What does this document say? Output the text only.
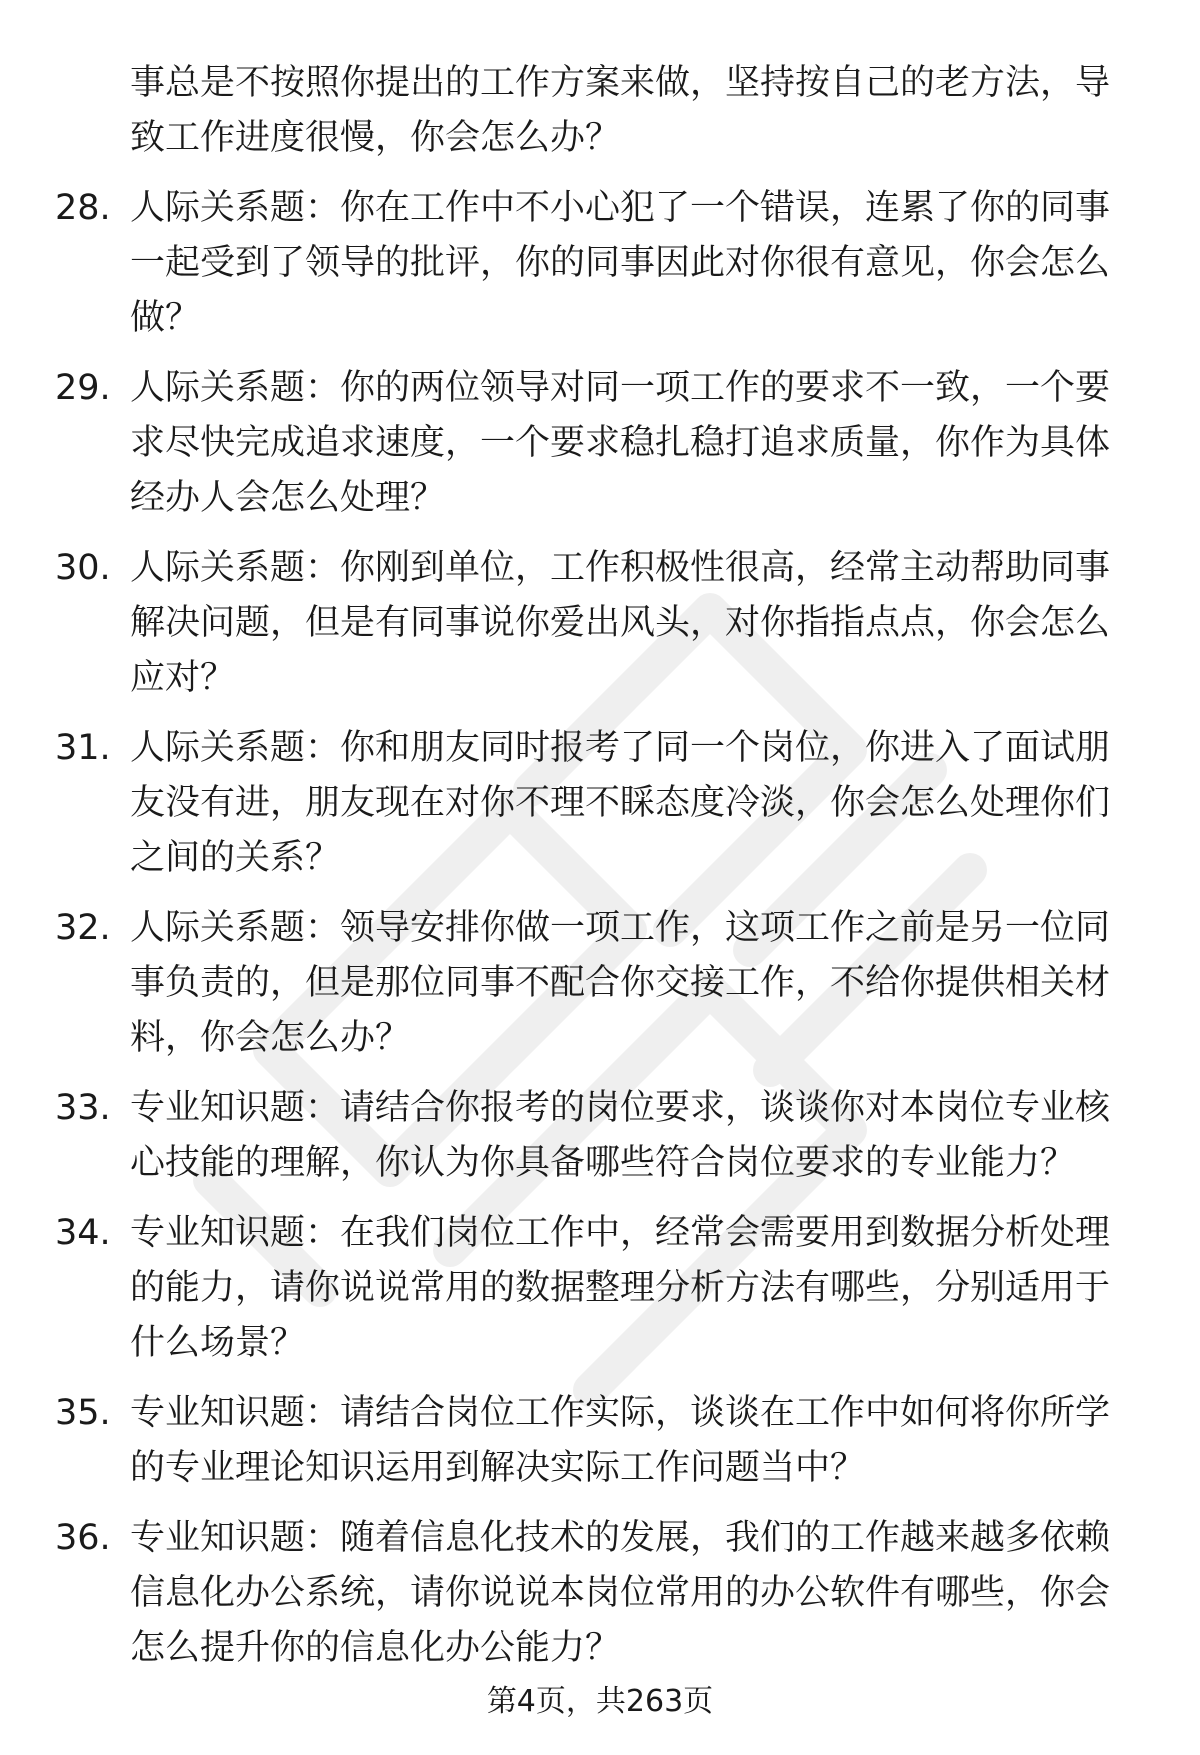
事总是不按照你提出的工作方案来做，坚持按自己的老方法，导致工作进度很慢，你会怎么办？
28. 人际关系题：你在工作中不小心犯了一个错误，连累了你的同事一起受到了领导的批评，你的同事因此对你很有意见，你会怎么做？
29. 人际关系题：你的两位领导对同一项工作的要求不一致，一个要求尽快完成追求速度，一个要求稳扎稳打追求质量，你作为具体经办人会怎么处理？
30. 人际关系题：你刚到单位，工作积极性很高，经常主动帮助同事解决问题，但是有同事说你爱出风头，对你指指点点，你会怎么应对？
31. 人际关系题：你和朋友同时报考了同一个岗位，你进入了面试朋友没有进，朋友现在对你不理不睬态度冷淡，你会怎么处理你们之间的关系？
32. 人际关系题：领导安排你做一项工作，这项工作之前是另一位同事负责的，但是那位同事不配合你交接工作，不给你提供相关材料，你会怎么办？
33. 专业知识题：请结合你报考的岗位要求，谈谈你对本岗位专业核心技能的理解，你认为你具备哪些符合岗位要求的专业能力？
34. 专业知识题：在我们岗位工作中，经常会需要用到数据分析处理的能力，请你说说常用的数据整理分析方法有哪些，分别适用于什么场景？
35. 专业知识题：请结合岗位工作实际，谈谈在工作中如何将你所学的专业理论知识运用到解决实际工作问题当中？
36. 专业知识题：随着信息化技术的发展，我们的工作越来越多依赖信息化办公系统，请你说说本岗位常用的办公软件有哪些，你会怎么提升你的信息化办公能力？
第4页，共263页
